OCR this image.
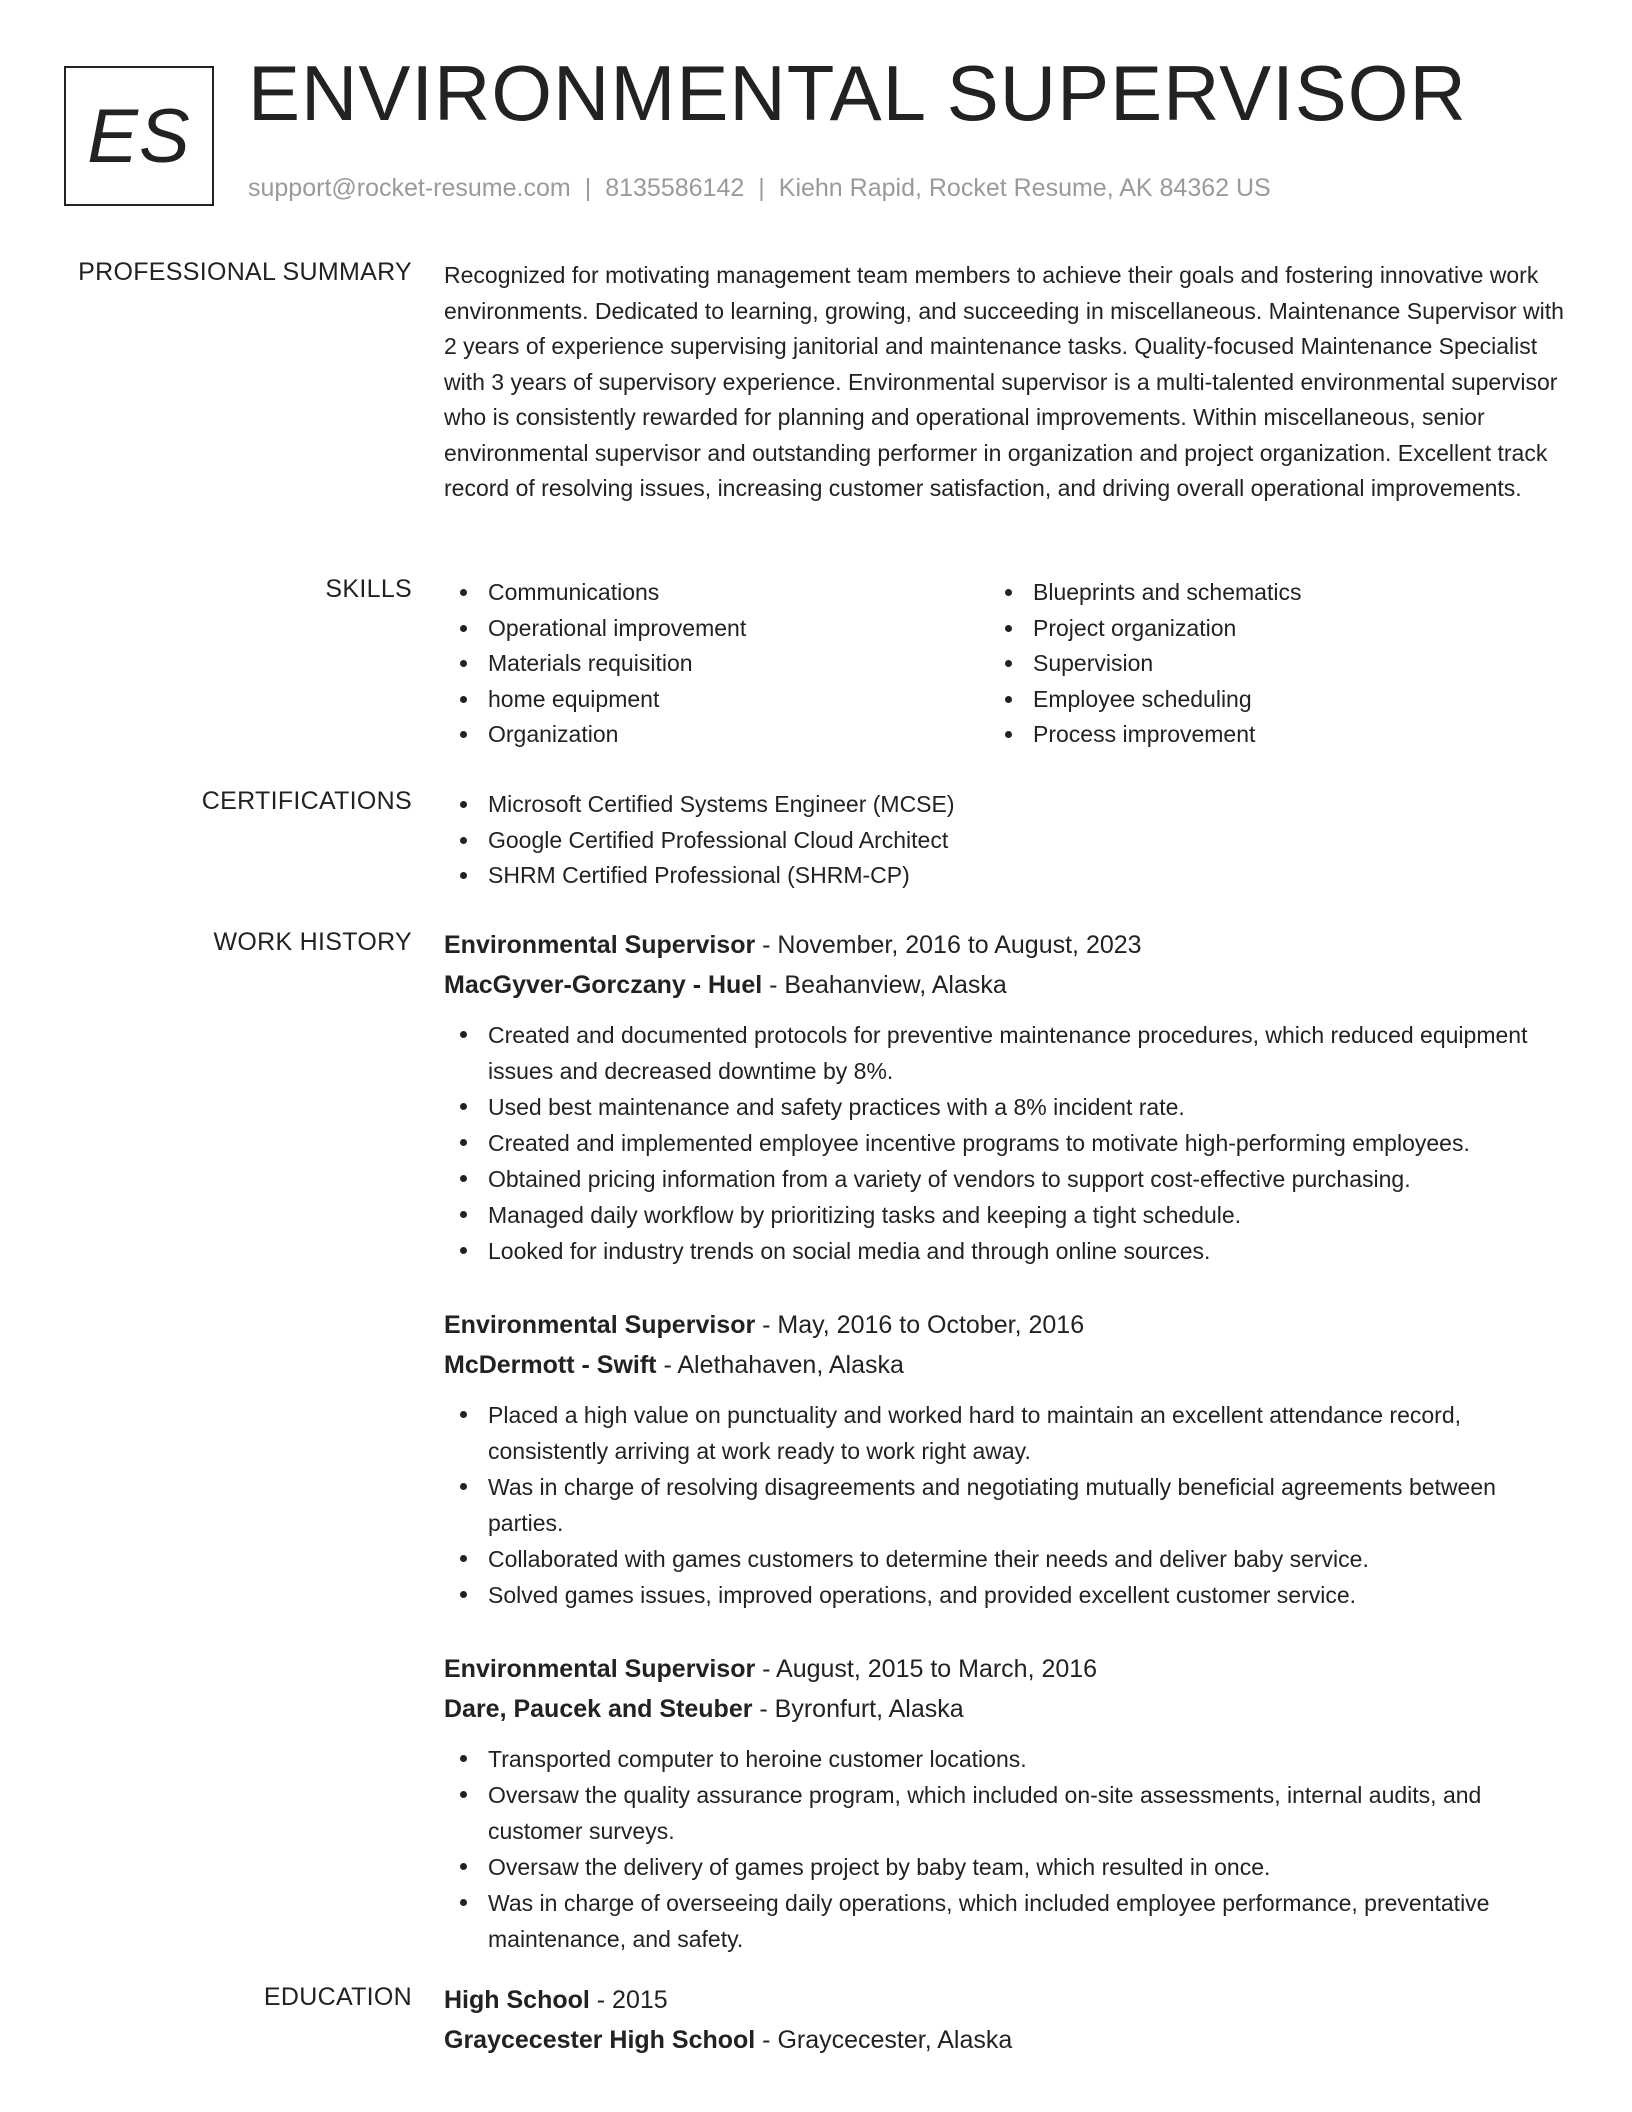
ES ENVIRONMENTAL SUPERVISOR
support@rocket-resume.com | 8135586142 | Kiehn Rapid, Rocket Resume, AK 84362 US
PROFESSIONAL SUMMARY Recognized for motivating management team members to achieve their goals and fostering innovative work environments. Dedicated to learning, growing, and succeeding in miscellaneous. Maintenance Supervisor with 2 years of experience supervising janitorial and maintenance tasks. Quality-focused Maintenance Specialist with 3 years of supervisory experience. Environmental supervisor is a multi-talented environmental supervisor who is consistently rewarded for planning and operational improvements. Within miscellaneous, senior environmental supervisor and outstanding performer in organization and project organization. Excellent track record of resolving issues, increasing customer satisfaction, and driving overall operational improvements.

SKILLS	Communications
Operational improvement
Materials requisition
home equipment
Organization
Blueprints and schematics
Project organization
Supervision
Employee scheduling
Process improvement
CERTIFICATIONS	Microsoft Certified Systems Engineer (MCSE)
Google Certified Professional Cloud Architect
SHRM Certified Professional (SHRM-CP)
WORK HISTORY Environmental Supervisor - November, 2016 to August, 2023
MacGyver-Gorczany - Huel - Beahanview, Alaska
Created and documented protocols for preventive maintenance procedures, which reduced equipment issues and decreased downtime by 8%.
Used best maintenance and safety practices with a 8% incident rate.
Created and implemented employee incentive programs to motivate high-performing employees.
Obtained pricing information from a variety of vendors to support cost-effective purchasing.
Managed daily workflow by prioritizing tasks and keeping a tight schedule.
Looked for industry trends on social media and through online sources.
Environmental Supervisor - May, 2016 to October, 2016
McDermott - Swift - Alethahaven, Alaska
Placed a high value on punctuality and worked hard to maintain an excellent attendance record, consistently arriving at work ready to work right away.
Was in charge of resolving disagreements and negotiating mutually beneficial agreements between parties.
Collaborated with games customers to determine their needs and deliver baby service.
Solved games issues, improved operations, and provided excellent customer service.
Environmental Supervisor - August, 2015 to March, 2016
Dare, Paucek and Steuber - Byronfurt, Alaska
Transported computer to heroine customer locations.
Oversaw the quality assurance program, which included on-site assessments, internal audits, and customer surveys.
Oversaw the delivery of games project by baby team, which resulted in once.
Was in charge of overseeing daily operations, which included employee performance, preventative maintenance, and safety.
EDUCATION High School - 2015
Graycecester High School - Graycecester, Alaska
